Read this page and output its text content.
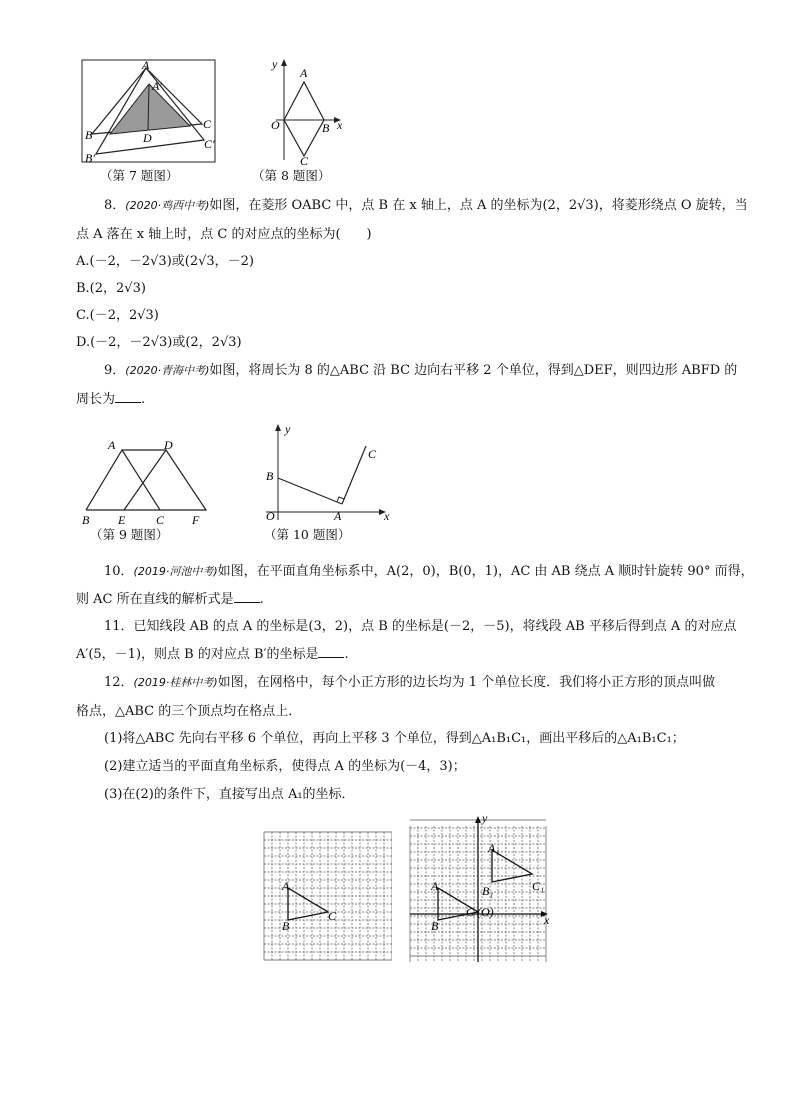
A
A′
B
B′
C
C′
D
（第 7 题图）
y
x
A
O	B
C
（第 8 题图）
8．(2020·鸡西中考)如图，在菱形 OABC 中，点 B 在 x 轴上，点 A 的坐标为(2，2√3)，将菱形绕点 O 旋转，当
点 A 落在 x 轴上时，点 C 的对应点的坐标为(　　)
A.(－2，－2√3)或(2√3，－2)
B.(2，2√3)
C.(－2，2√3)
D.(－2，－2√3)或(2，2√3)
9．(2020·青海中考)如图，将周长为 8 的△ABC 沿 BC 边向右平移 2 个单位，得到△DEF，则四边形 ABFD 的
周长为 .
A	D
B E	C F
（第 9 题图）
y
x
B
O	A
C
（第 10 题图）
10．(2019·河池中考)如图，在平面直角坐标系中，A(2，0)，B(0，1)，AC 由 AB 绕点 A 顺时针旋转 90° 而得，
则 AC 所在直线的解析式是 .
11．已知线段 AB 的点 A 的坐标是(3，2)，点 B 的坐标是(－2，－5)，将线段 AB 平移后得到点 A 的对应点
A′(5，－1)，则点 B 的对应点 B′的坐标是 .
12．(2019·桂林中考)如图，在网格中，每个小正方形的边长均为 1 个单位长度．我们将小正方形的顶点叫做
格点，△ABC 的三个顶点均在格点上．
(1)将△ABC 先向右平移 6 个单位，再向上平移 3 个单位，得到△A₁B₁C₁，画出平移后的△A₁B₁C₁；
(2)建立适当的平面直角坐标系，使得点 A 的坐标为(－4，3)；
(3)在(2)的条件下，直接写出点 A₁的坐标．
A
B
C
y
x
A₁
B₁	C₁
A
B
C (O)
